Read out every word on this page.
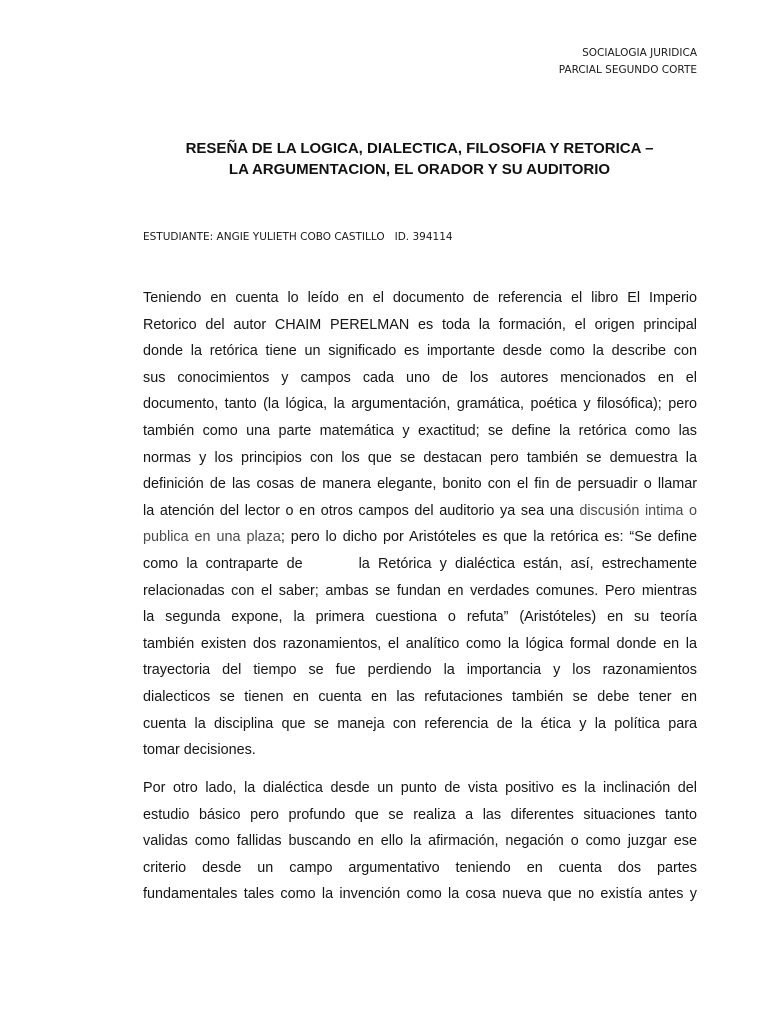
SOCIALOGIA JURIDICA
PARCIAL SEGUNDO CORTE
RESEÑA DE LA LOGICA, DIALECTICA, FILOSOFIA Y RETORICA –
LA ARGUMENTACION, EL ORADOR Y SU AUDITORIO
ESTUDIANTE: ANGIE YULIETH COBO CASTILLO   ID. 394114
Teniendo en cuenta lo leído en el documento de referencia el libro El Imperio
Retorico del autor CHAIM PERELMAN es toda la formación, el origen principal
donde la retórica tiene un significado es importante desde como la describe con
sus conocimientos y campos cada uno de los autores mencionados en el
documento, tanto (la lógica, la argumentación, gramática, poética y filosófica); pero
también como una parte matemática y exactitud; se define la retórica como las
normas y los principios con los que se destacan pero también se demuestra la
definición de las cosas de manera elegante, bonito con el fin de persuadir o llamar
la atención del lector o en otros campos del auditorio ya sea una discusión intima o
publica en una plaza; pero lo dicho por Aristóteles es que la retórica es: “Se define
como la contraparte de	la Retórica y dialéctica están, así, estrechamente
relacionadas con el saber; ambas se fundan en verdades comunes. Pero mientras
la segunda expone, la primera cuestiona o refuta” (Aristóteles) en su teoría
también existen dos razonamientos, el analítico como la lógica formal donde en la
trayectoria del tiempo se fue perdiendo la importancia y los razonamientos
dialecticos se tienen en cuenta en las refutaciones también se debe tener en
cuenta la disciplina que se maneja con referencia de la ética y la política para
tomar decisiones.
Por otro lado, la dialéctica desde un punto de vista positivo es la inclinación del
estudio básico pero profundo que se realiza a las diferentes situaciones tanto
validas como fallidas buscando en ello la afirmación, negación o como juzgar ese
criterio desde un campo argumentativo teniendo en cuenta dos partes
fundamentales tales como la invención como la cosa nueva que no existía antes y
